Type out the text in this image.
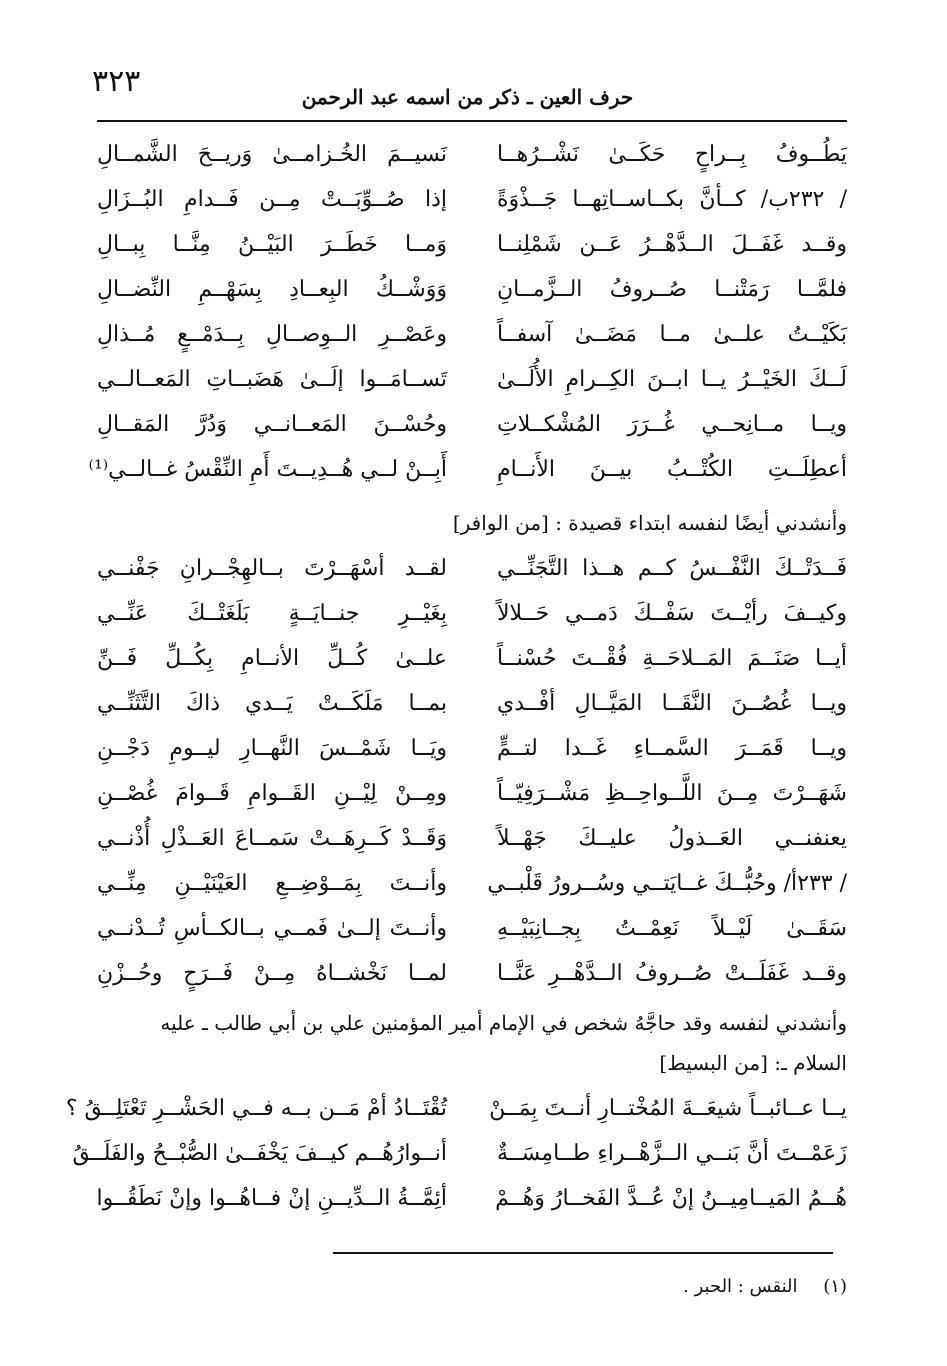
٣٢٣	حرف العين ـ ذكر من اسمه عبد الرحمن
يَطُــوفُ بِــراحٍ حَكَــىٰ نَشْــرُهــا
نَسيــمَ الخُـزامــىٰ وَريــحَ الشَّمــالِ
/ ٢٣٢ب/ كــأنَّ بكــاســاتِهــا جَــذْوَةً
إذا صُــوِّبَــتْ مِــن فَــدامِ البُــزَالِ
وقــد غَفَــلَ الــدَّهْــرُ عَــن شَمْلِنــا
وَمــا خَطَــرَ البَيْــنُ مِنَّــا بِبــالِ
فلمَّــا رَمَتْنــا صُــروفُ الــزَّمــانِ
وَوَشْــكُ البِعــادِ بِسَهْــمِ النِّضــالِ
بَكَيْــتُ علــىٰ مــا مَضَــىٰ آسفــاً
وعَصْــرِ الــوِصــالِ بِــدَمْــعٍ مُــذالِ
لَــكَ الخَيْــرُ يــا ابــنَ الكِــرامِ الأُلَــىٰ
تَســامَــوا إلَــىٰ هَضَبــاتِ المَعــالــي
ويــا مــانِحــي غُــرَرَ المُشْكــلاتِ
وحُسْــنَ المَعــانــي وَدُرَّ المَقــالِ
أعطِلَــتِ الكُتْــبُ بيــنَ الأَنــامِ
أَبِــنْ لــي هُــدِيــتَ أَمِ النِّقْسُ غــالــي⁽¹⁾
وأنشدني أيضًا لنفسه ابتداء قصيدة : [من الوافر]
فَــدَتْــكَ النَّفْــسُ كــم هــذا التَّجَنِّــي
لقــد أسْهَــرْتَ بــالهِجْــرانِ جَفْنــي
وكيــفَ رأيْــتَ سَفْــكَ دَمــي حَــلالاً
بِغَيْــرِ جنــايَــةٍ بَلَغَتْــكَ عَنِّــي
أيــا صَنَــمَ المَــلاحَــةِ فُقْــتَ حُسْنــاً
علــىٰ كُــلِّ الأنــامِ بِكُــلِّ فَــنِّ
ويــا غُصُــنَ النَّقَــا المَيَّــالِ أفْــدي
بمــا مَلَكَــتْ يَــدي ذاكَ التَّثَنِّــي
ويــا قَمَــرَ السَّمــاءِ غَــدا لتــمٍّ
ويَــا شَمْــسَ النَّهــارِ ليــومِ دَجْــنِ
شَهَــرْتَ مِــنَ اللَّــواحِــظِ مَشْــرَفِيّــاً
ومِــنْ لِيْــنِ القَــوامِ قَــوامَ غُصْــنِ
يعنفنــي العَــذولُ عليــكَ جَهْــلاً
وَقَــدْ كَــرِهَــتْ سَمــاعَ العَــذْلِ أُذْنــي
/ ٢٣٣أ/ وحُبُّــكَ غــايَتــي وسُــرورُ قَلْبــي
وأنــتَ بِمَــوْضِــعِ العَيْنَيْــنِ مِنِّــي
سَقَــىٰ لَيْــلاً نَعِمْــتُ بِجــانِبَيْــهِ
وأنــتَ إلــىٰ فَمــي بــالكــأسِ تُــدْنــي
وقــد غَفَلَــتْ صُــروفُ الــدَّهْــرِ عَنَّــا
لمــا نَخْشــاهُ مِــنْ فَــرَحٍ وحُــزْنِ
وأنشدني لنفسه وقد حاجَّهُ شخص في الإمام أمير المؤمنين علي بن أبي طالب ـ عليه
السلام ـ: [من البسيط]
يــا عــائبــاً شيعَــةَ المُخْتــارِ أنــتَ بِمَــنْ
تُقْتَــادُ أمْ مَــن بــه فــي الحَشْــرِ تَعْتَلِــقُ ؟
زَعَمْــتَ أنَّ بَنــي الــزَّهْــراءِ طــامِسَــةٌ
أنــوارُهُــم كيــفَ يَخْفَــىٰ الصُّبْــحُ والفَلَــقُ
هُــمُ المَيــامِيــنُ إنْ عُــدَّ الفَخــارُ وَهُــمْ
أئِمَّــةُ الــدِّيــنِ إنْ فــاهُــوا وإنْ نَطَقُــوا
(١) النقس : الحبر .
